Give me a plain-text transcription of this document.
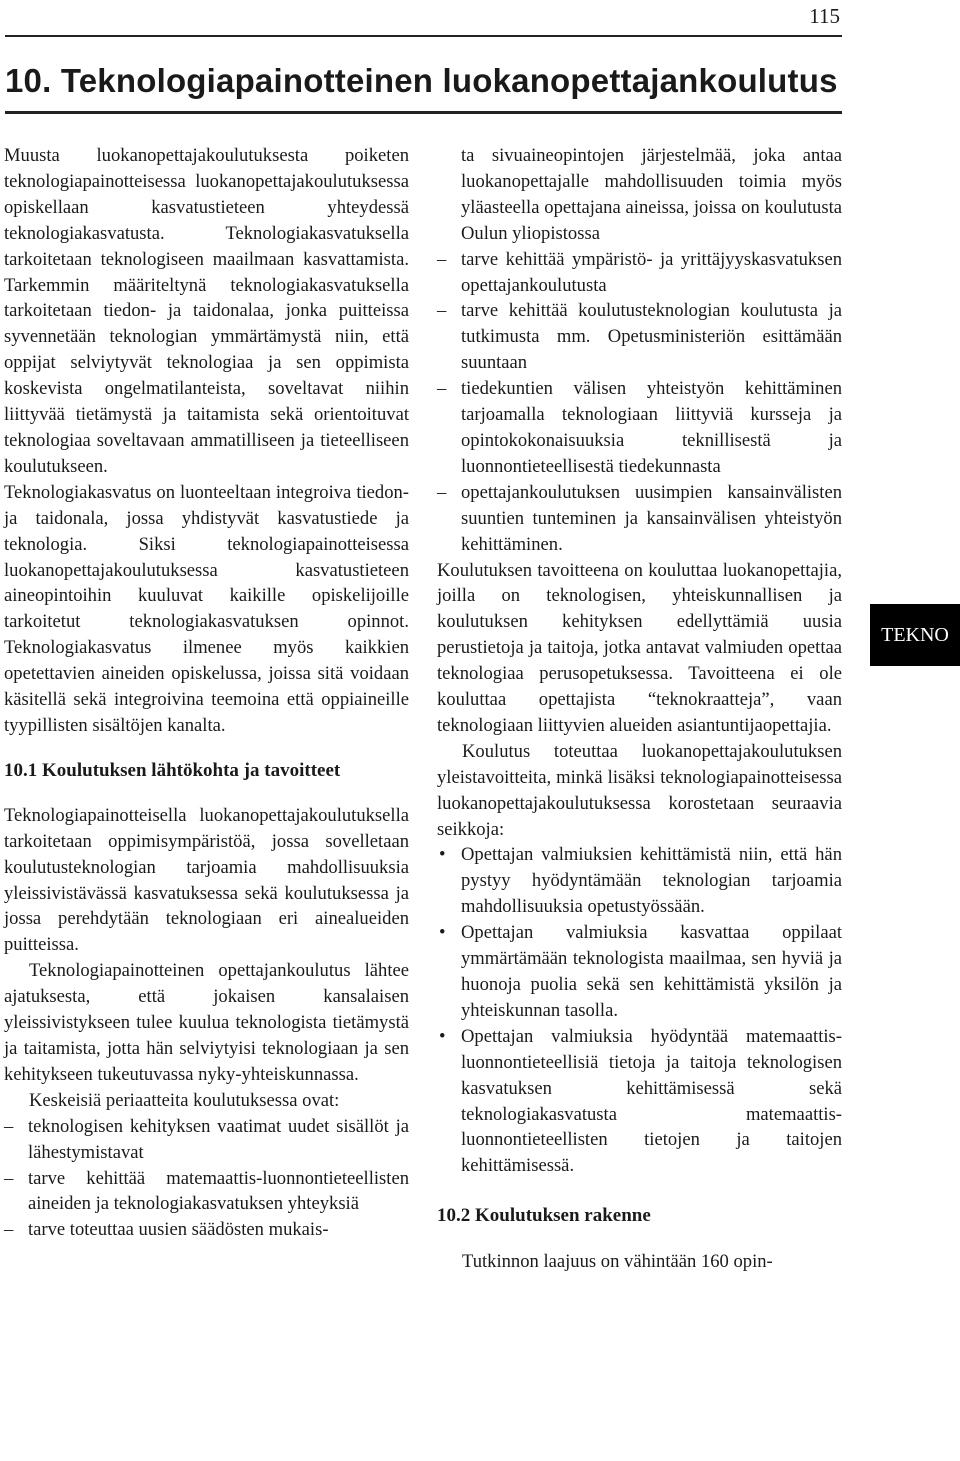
115
10. Teknologiapainotteinen luokanopettajankoulutus

Muusta luokanopettajakoulutuksesta poiketen teknologiapainotteisessa luokanopettajakoulutuksessa opiskellaan kasvatustieteen yhteydessä teknologiakasvatusta. Teknologiakasvatuksella tarkoitetaan teknologiseen maailmaan kasvattamista. Tarkemmin määriteltynä teknologiakasvatuksella tarkoitetaan tiedon- ja taidonalaa, jonka puitteissa syvennetään teknologian ymmärtämystä niin, että oppijat selviytyvät teknologiaa ja sen oppimista koskevista ongelmatilanteista, soveltavat niihin liittyvää tietämystä ja taitamista sekä orientoituvat teknologiaa soveltavaan ammatilliseen ja tieteelliseen koulutukseen.

Teknologiakasvatus on luonteeltaan integroiva tiedon- ja taidonala, jossa yhdistyvät kasvatustiede ja teknologia. Siksi teknologiapainotteisessa luokanopettajakoulutuksessa kasvatustieteen aineopintoihin kuuluvat kaikille opiskelijoille tarkoitetut teknologiakasvatuksen opinnot. Teknologiakasvatus ilmenee myös kaikkien opetettavien aineiden opiskelussa, joissa sitä voidaan käsitellä sekä integroivina teemoina että oppiaineille tyypillisten sisältöjen kanalta.

10.1 Koulutuksen lähtökohta ja tavoitteet

Teknologiapainotteisella luokanopettajakoulutuksella tarkoitetaan oppimisympäristöä, jossa sovelletaan koulutusteknologian tarjoamia mahdollisuuksia yleissivistävässä kasvatuksessa sekä koulutuksessa ja jossa perehdytään teknologiaan eri ainealueiden puitteissa.

Teknologiapainotteinen opettajankoulutus lähtee ajatuksesta, että jokaisen kansalaisen yleissivistykseen tulee kuulua teknologista tietämystä ja taitamista, jotta hän selviytyisi teknologiaan ja sen kehitykseen tukeutuvassa nyky-yhteiskunnassa.

Keskeisiä periaatteita koulutuksessa ovat:

– teknologisen kehityksen vaatimat uudet sisällöt ja lähestymistavat
– tarve kehittää matemaattis-luonnontieteellisten aineiden ja teknologiakasvatuksen yhteyksiä
– tarve toteuttaa uusien säädösten mukais-
ta sivuaineopintojen järjestelmää, joka antaa luokanopettajalle mahdollisuuden toimia myös yläasteella opettajana aineissa, joissa on koulutusta Oulun yliopistossa
– tarve kehittää ympäristö- ja yrittäjyyskasvatuksen opettajankoulutusta
– tarve kehittää koulutusteknologian koulutusta ja tutkimusta mm. Opetusministeriön esittämään suuntaan
– tiedekuntien välisen yhteistyön kehittäminen tarjoamalla teknologiaan liittyviä kursseja ja opintokokonaisuuksia teknillisestä ja luonnontieteellisestä tiedekunnasta
– opettajankoulutuksen uusimpien kansainvälisten suuntien tunteminen ja kansainvälisen yhteistyön kehittäminen.

Koulutuksen tavoitteena on kouluttaa luokanopettajia, joilla on teknologisen, yhteiskunnallisen ja koulutuksen kehityksen edellyttämiä uusia perustietoja ja taitoja, jotka antavat valmiuden opettaa teknologiaa perusopetuksessa. Tavoitteena ei ole kouluttaa opettajista “teknokraatteja”, vaan teknologiaan liittyvien alueiden asiantuntijaopettajia.

Koulutus toteuttaa luokanopettajakoulutuksen yleistavoitteita, minkä lisäksi teknologiapainotteisessa luokanopettajakoulutuksessa korostetaan seuraavia seikkoja:

• Opettajan valmiuksien kehittämistä niin, että hän pystyy hyödyntämään teknologian tarjoamia mahdollisuuksia opetustyössään.
• Opettajan valmiuksia kasvattaa oppilaat ymmärtämään teknologista maailmaa, sen hyviä ja huonoja puolia sekä sen kehittämistä yksilön ja yhteiskunnan tasolla.
• Opettajan valmiuksia hyödyntää matemaattis-luonnontieteellisiä tietoja ja taitoja teknologisen kasvatuksen kehittämisessä sekä teknologiakasvatusta matemaattis-luonnontieteellisten tietojen ja taitojen kehittämisessä.
10.2 Koulutuksen rakenne

Tutkinnon laajuus on vähintään 160 opin-

TEKNO
